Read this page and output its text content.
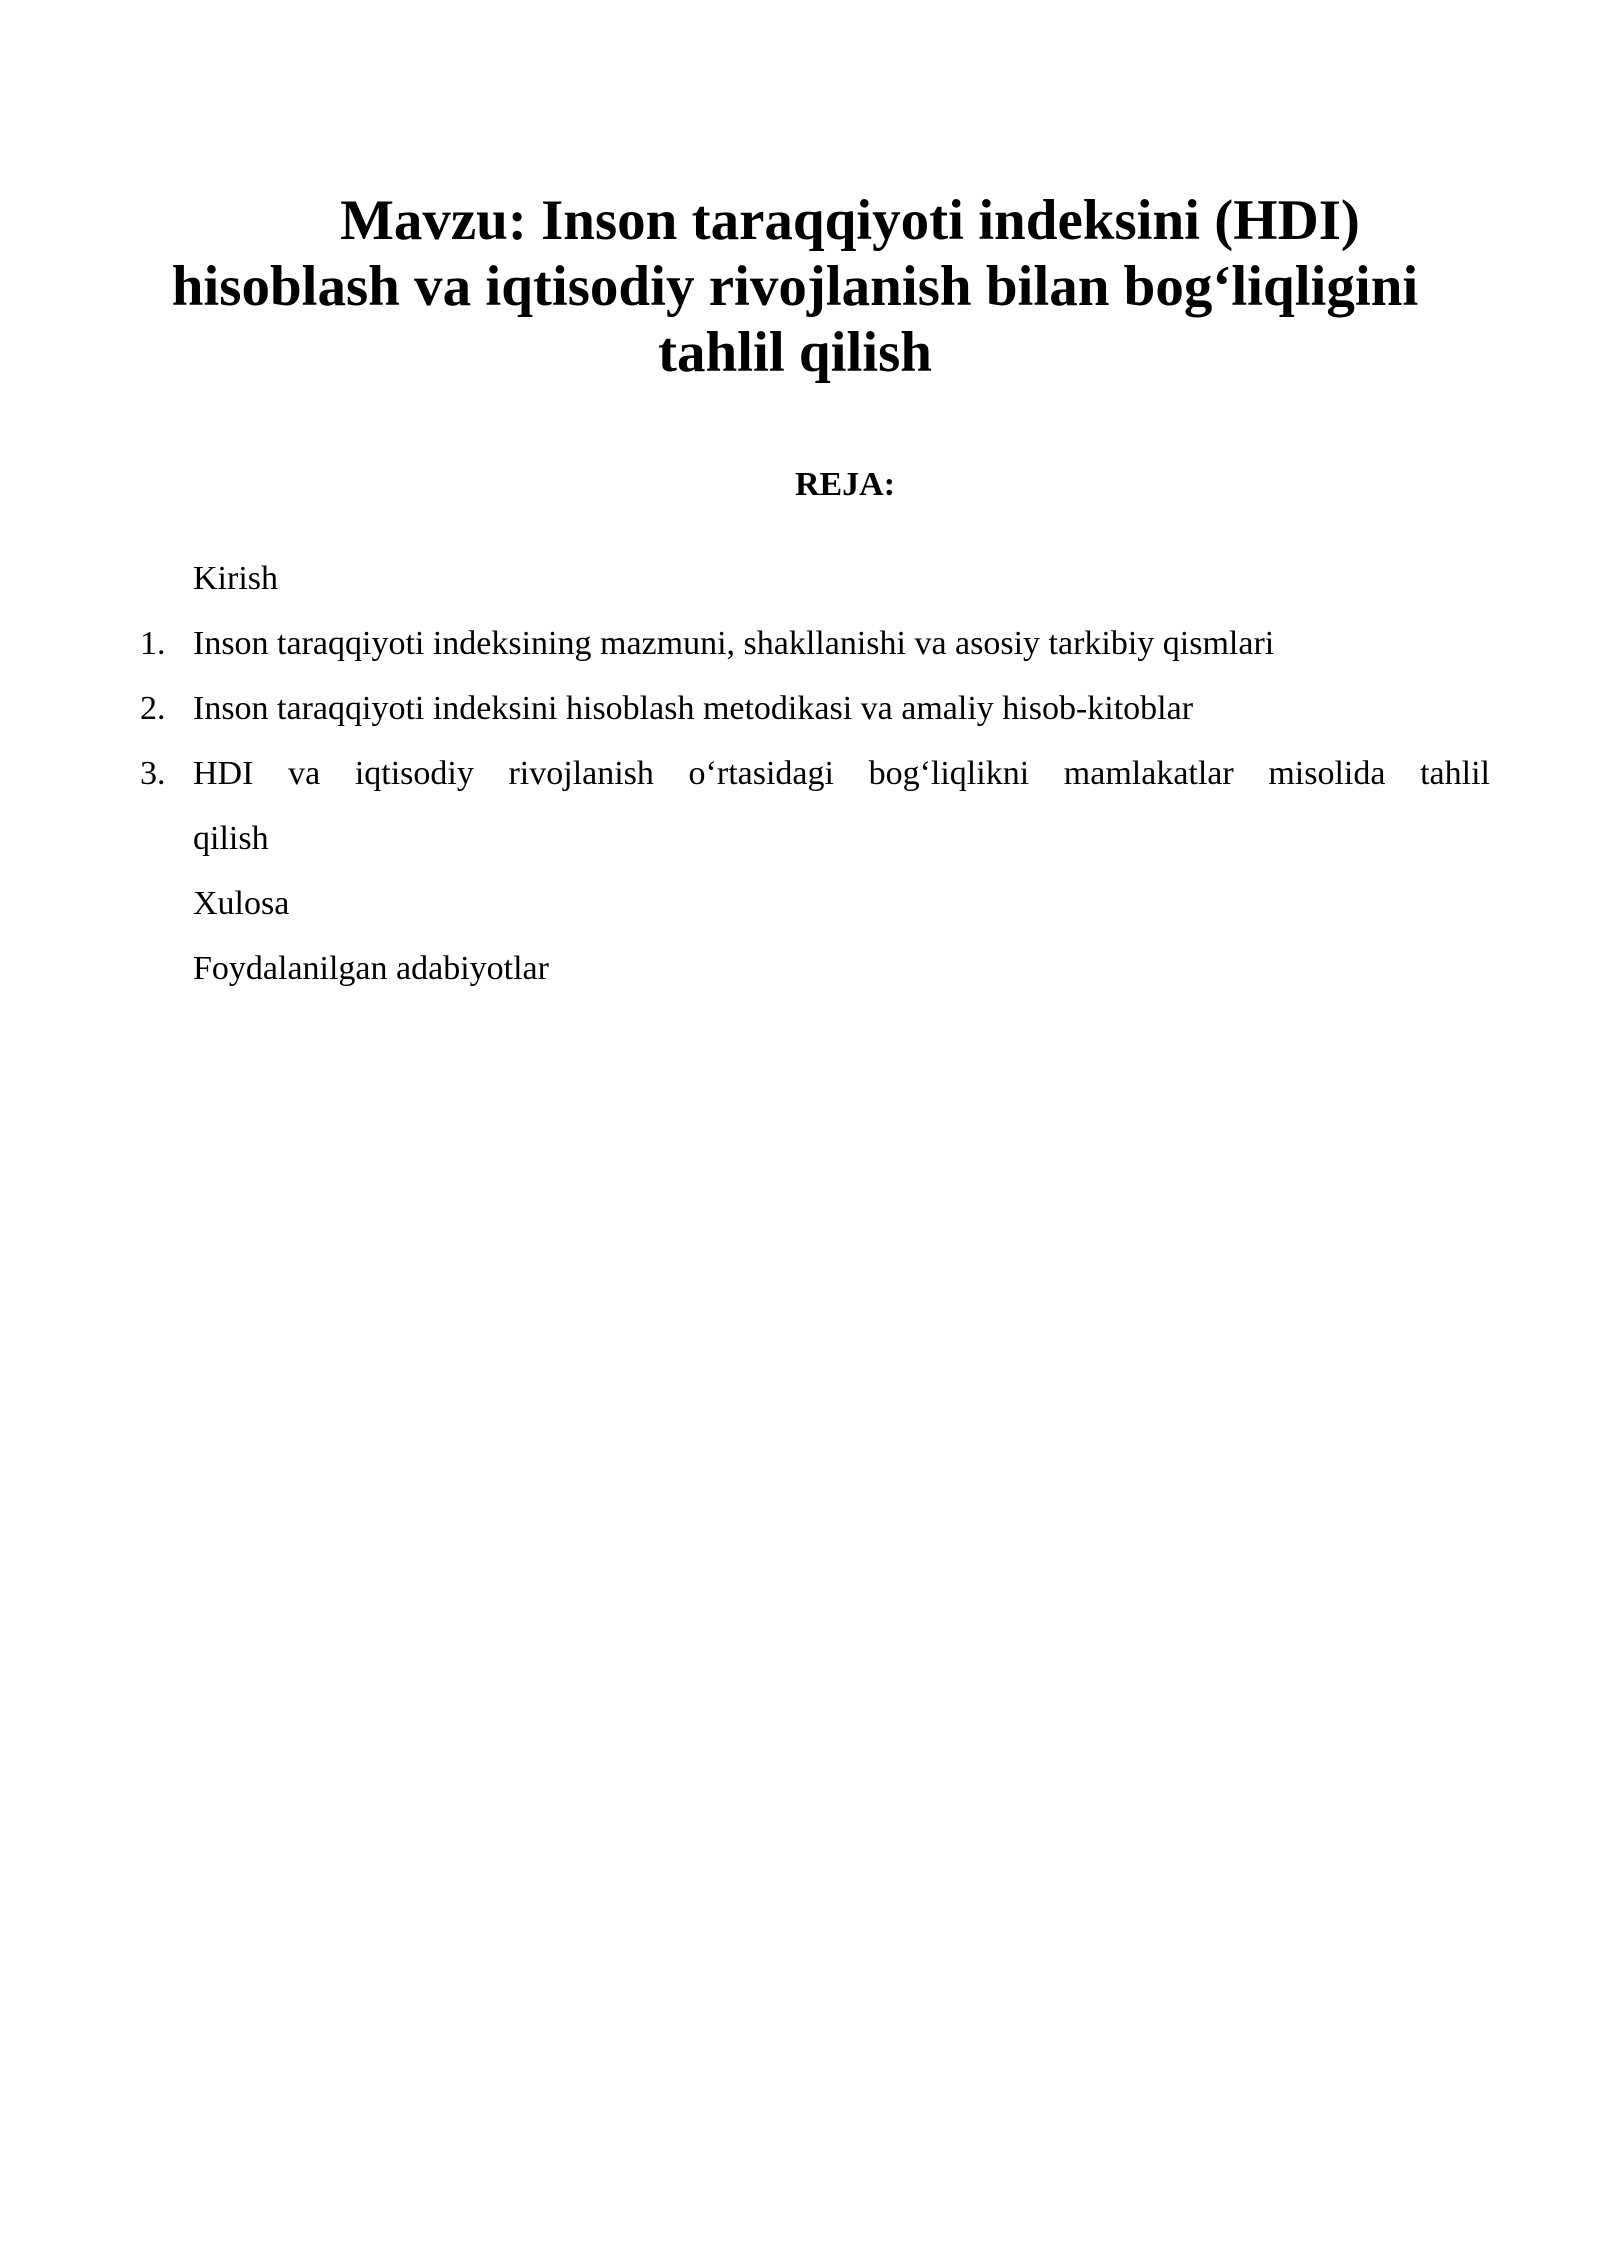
Mavzu: Inson taraqqiyoti indeksini (HDI)
hisoblash va iqtisodiy rivojlanish bilan bog‘liqligini
tahlil qilish
REJA:
Kirish
1. Inson taraqqiyoti indeksining mazmuni, shakllanishi va asosiy tarkibiy qismlari
2. Inson taraqqiyoti indeksini hisoblash metodikasi va amaliy hisob-kitoblar
3. HDI va iqtisodiy rivojlanish o‘rtasidagi bog‘liqlikni mamlakatlar misolida tahlil
qilish
Xulosa
Foydalanilgan adabiyotlar
